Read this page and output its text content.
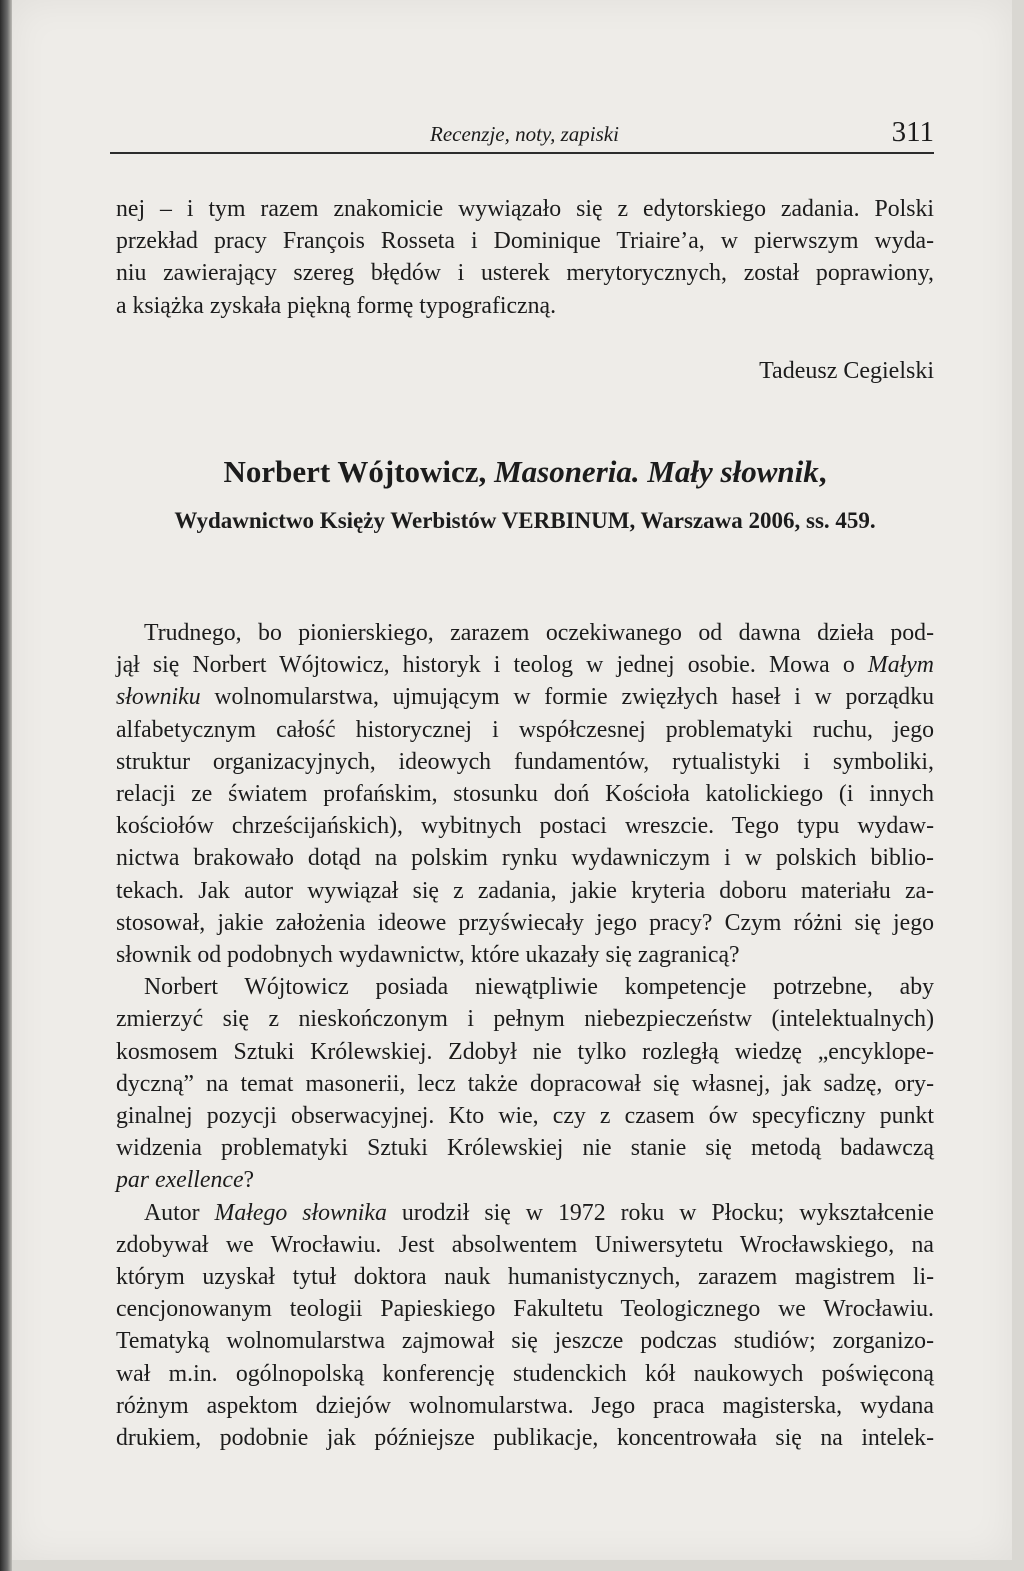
Recenzje, noty, zapiski	311
nej – i tym razem znakomicie wywiązało się z edytorskiego zadania. Polski
przekład pracy François Rosseta i Dominique Triaire’a, w pierwszym wyda-
niu zawierający szereg błędów i usterek merytorycznych, został poprawiony,
a książka zyskała piękną formę typograficzną.
Tadeusz Cegielski
Norbert Wójtowicz, Masoneria. Mały słownik,
Wydawnictwo Księży Werbistów VERBINUM, Warszawa 2006, ss. 459.
Trudnego, bo pionierskiego, zarazem oczekiwanego od dawna dzieła pod-
jął się Norbert Wójtowicz, historyk i teolog w jednej osobie. Mowa o Małym
słowniku wolnomularstwa, ujmującym w formie zwięzłych haseł i w porządku
alfabetycznym całość historycznej i współczesnej problematyki ruchu, jego
struktur organizacyjnych, ideowych fundamentów, rytualistyki i symboliki,
relacji ze światem profańskim, stosunku doń Kościoła katolickiego (i innych
kościołów chrześcijańskich), wybitnych postaci wreszcie. Tego typu wydaw-
nictwa brakowało dotąd na polskim rynku wydawniczym i w polskich biblio-
tekach. Jak autor wywiązał się z zadania, jakie kryteria doboru materiału za-
stosował, jakie założenia ideowe przyświecały jego pracy? Czym różni się jego
słownik od podobnych wydawnictw, które ukazały się zagranicą?
Norbert Wójtowicz posiada niewątpliwie kompetencje potrzebne, aby
zmierzyć się z nieskończonym i pełnym niebezpieczeństw (intelektualnych)
kosmosem Sztuki Królewskiej. Zdobył nie tylko rozległą wiedzę „encyklope-
dyczną” na temat masonerii, lecz także dopracował się własnej, jak sadzę, ory-
ginalnej pozycji obserwacyjnej. Kto wie, czy z czasem ów specyficzny punkt
widzenia problematyki Sztuki Królewskiej nie stanie się metodą badawczą
par exellence?
Autor Małego słownika urodził się w 1972 roku w Płocku; wykształcenie
zdobywał we Wrocławiu. Jest absolwentem Uniwersytetu Wrocławskiego, na
którym uzyskał tytuł doktora nauk humanistycznych, zarazem magistrem li-
cencjonowanym teologii Papieskiego Fakultetu Teologicznego we Wrocławiu.
Tematyką wolnomularstwa zajmował się jeszcze podczas studiów; zorganizo-
wał m.in. ogólnopolską konferencję studenckich kół naukowych poświęconą
różnym aspektom dziejów wolnomularstwa. Jego praca magisterska, wydana
drukiem, podobnie jak późniejsze publikacje, koncentrowała się na intelek-
